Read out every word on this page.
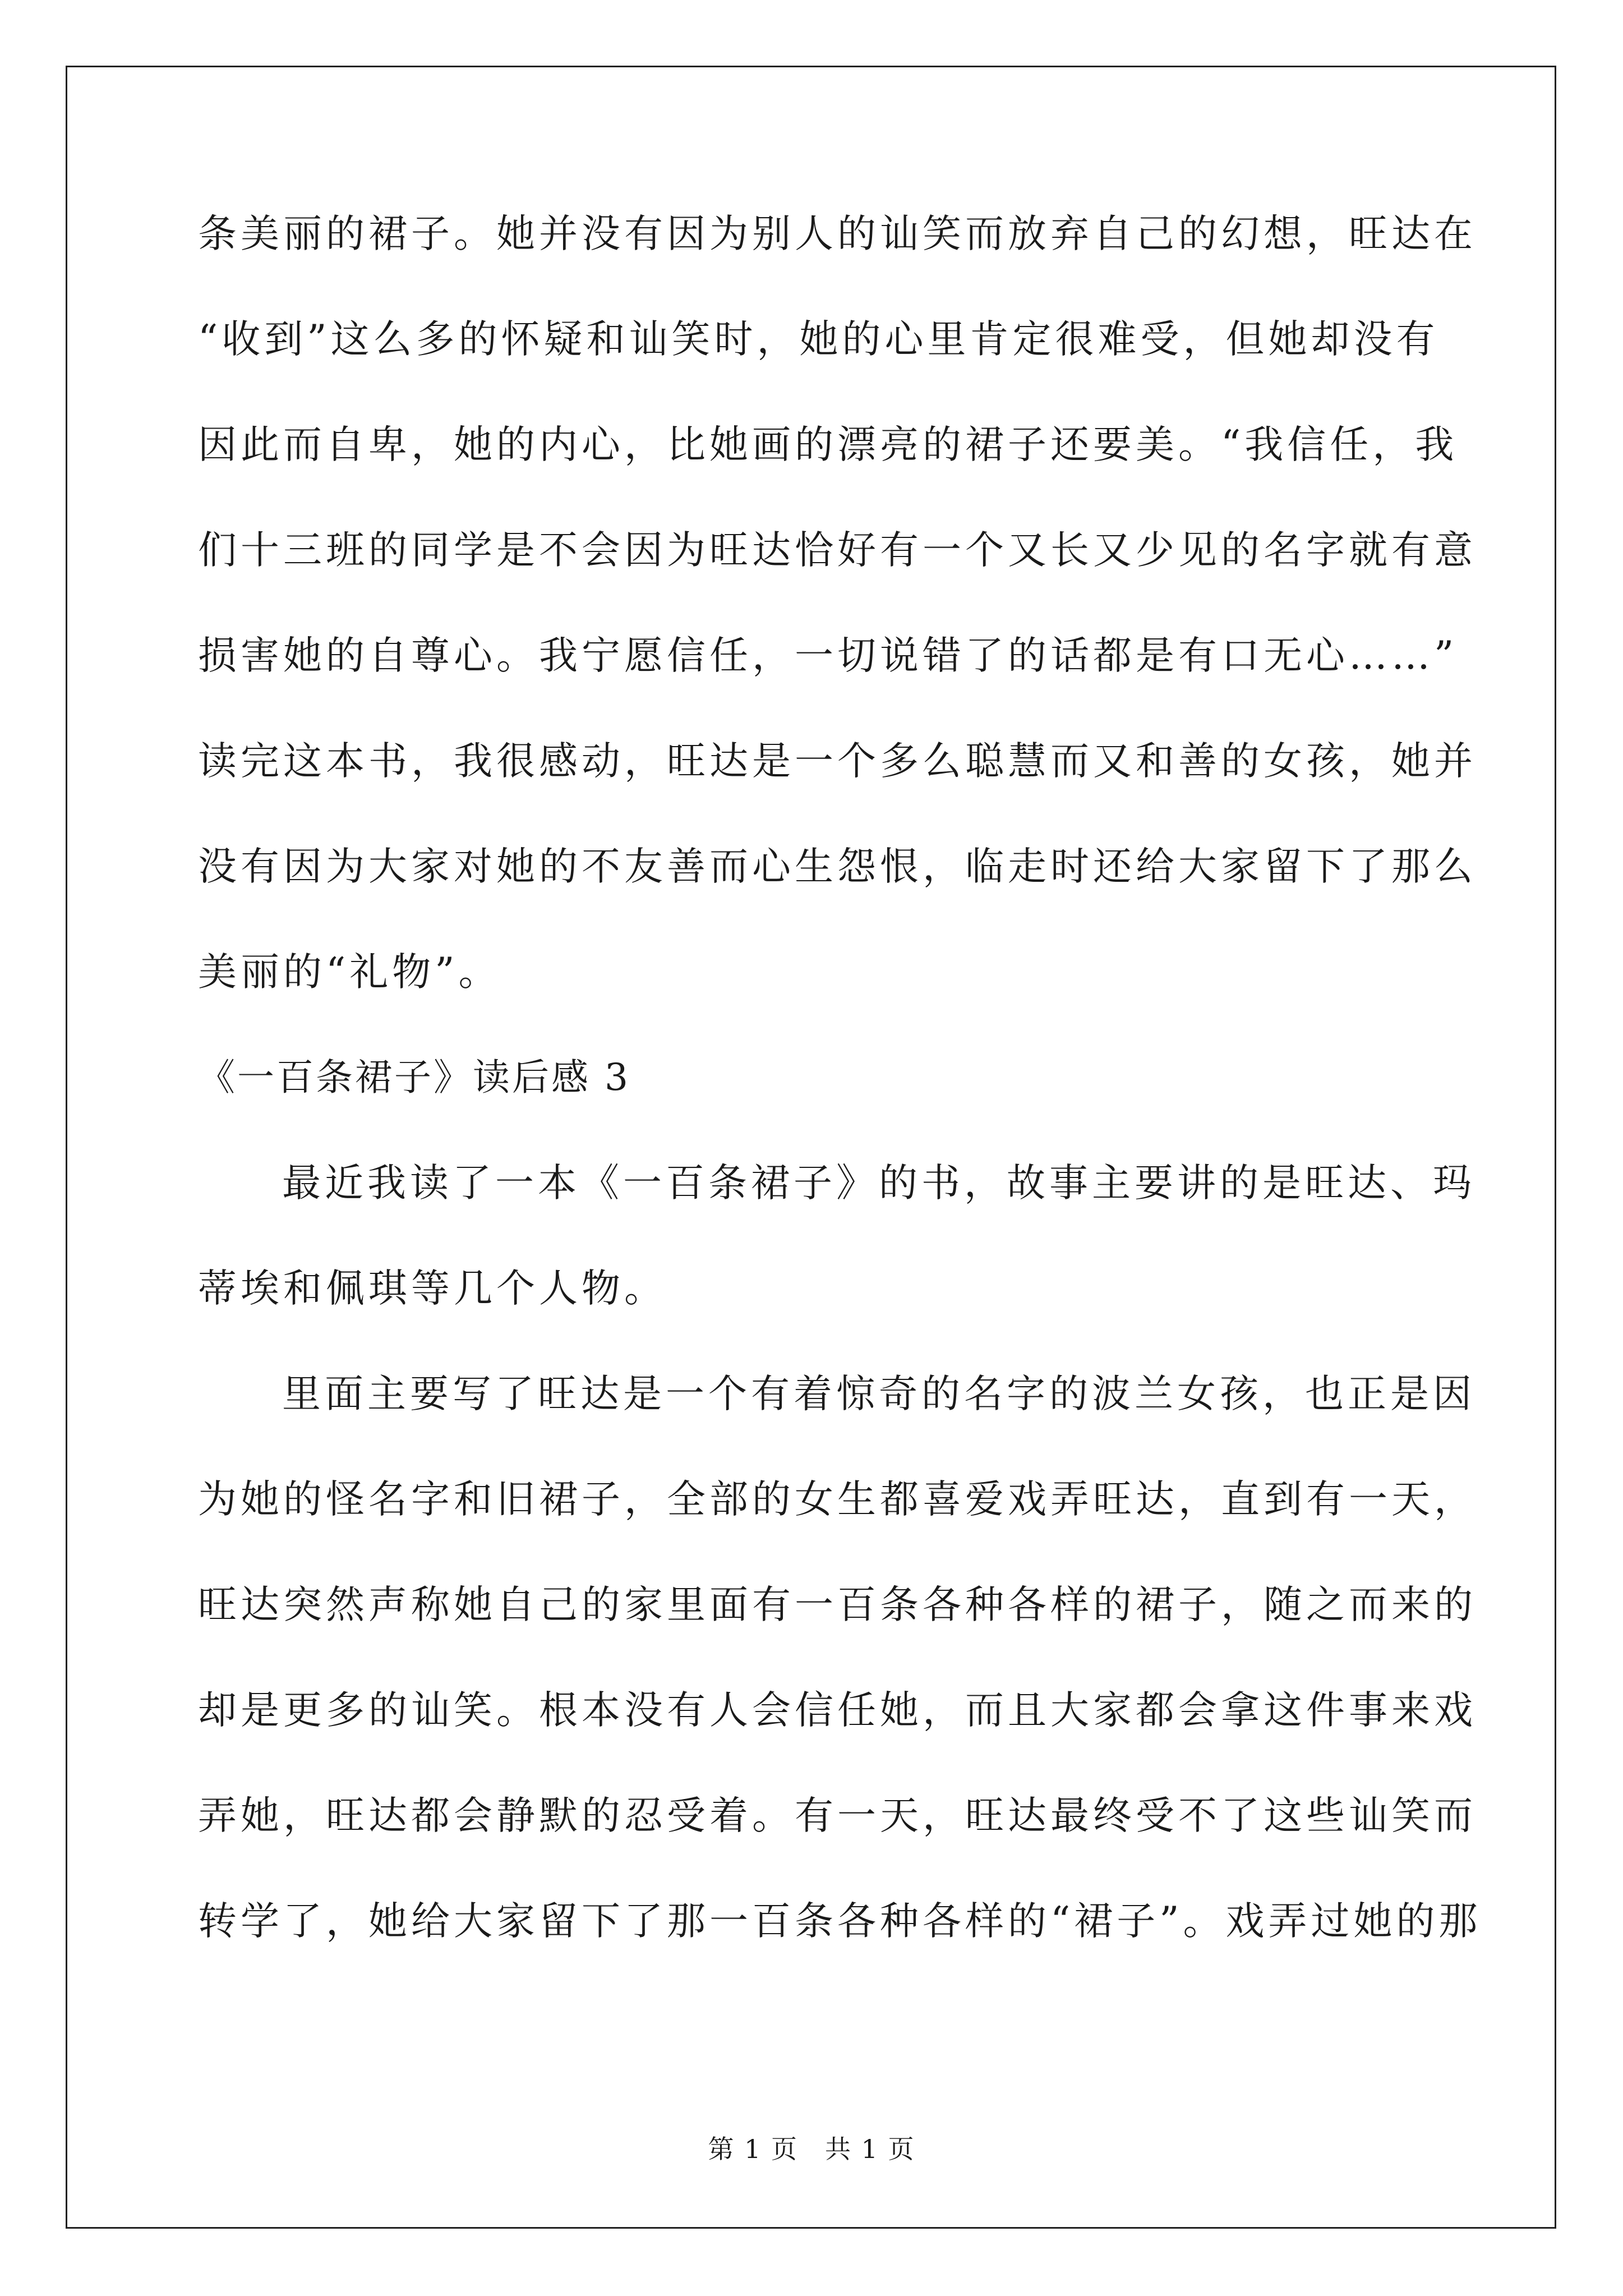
条美丽的裙子。她并没有因为别人的讪笑而放弃自己的幻想，旺达在
“收到”这么多的怀疑和讪笑时，她的心里肯定很难受，但她却没有
因此而自卑，她的内心，比她画的漂亮的裙子还要美。“我信任，我
们十三班的同学是不会因为旺达恰好有一个又长又少见的名字就有意
损害她的自尊心。我宁愿信任，一切说错了的话都是有口无心……”
读完这本书，我很感动，旺达是一个多么聪慧而又和善的女孩，她并
没有因为大家对她的不友善而心生怨恨，临走时还给大家留下了那么
美丽的“礼物”。
《一百条裙子》读后感 3
最近我读了一本《一百条裙子》的书，故事主要讲的是旺达、玛
蒂埃和佩琪等几个人物。
里面主要写了旺达是一个有着惊奇的名字的波兰女孩，也正是因
为她的怪名字和旧裙子，全部的女生都喜爱戏弄旺达，直到有一天，
旺达突然声称她自己的家里面有一百条各种各样的裙子，随之而来的
却是更多的讪笑。根本没有人会信任她，而且大家都会拿这件事来戏
弄她，旺达都会静默的忍受着。有一天，旺达最终受不了这些讪笑而
转学了，她给大家留下了那一百条各种各样的“裙子”。戏弄过她的那
第 1 页　共 1 页
